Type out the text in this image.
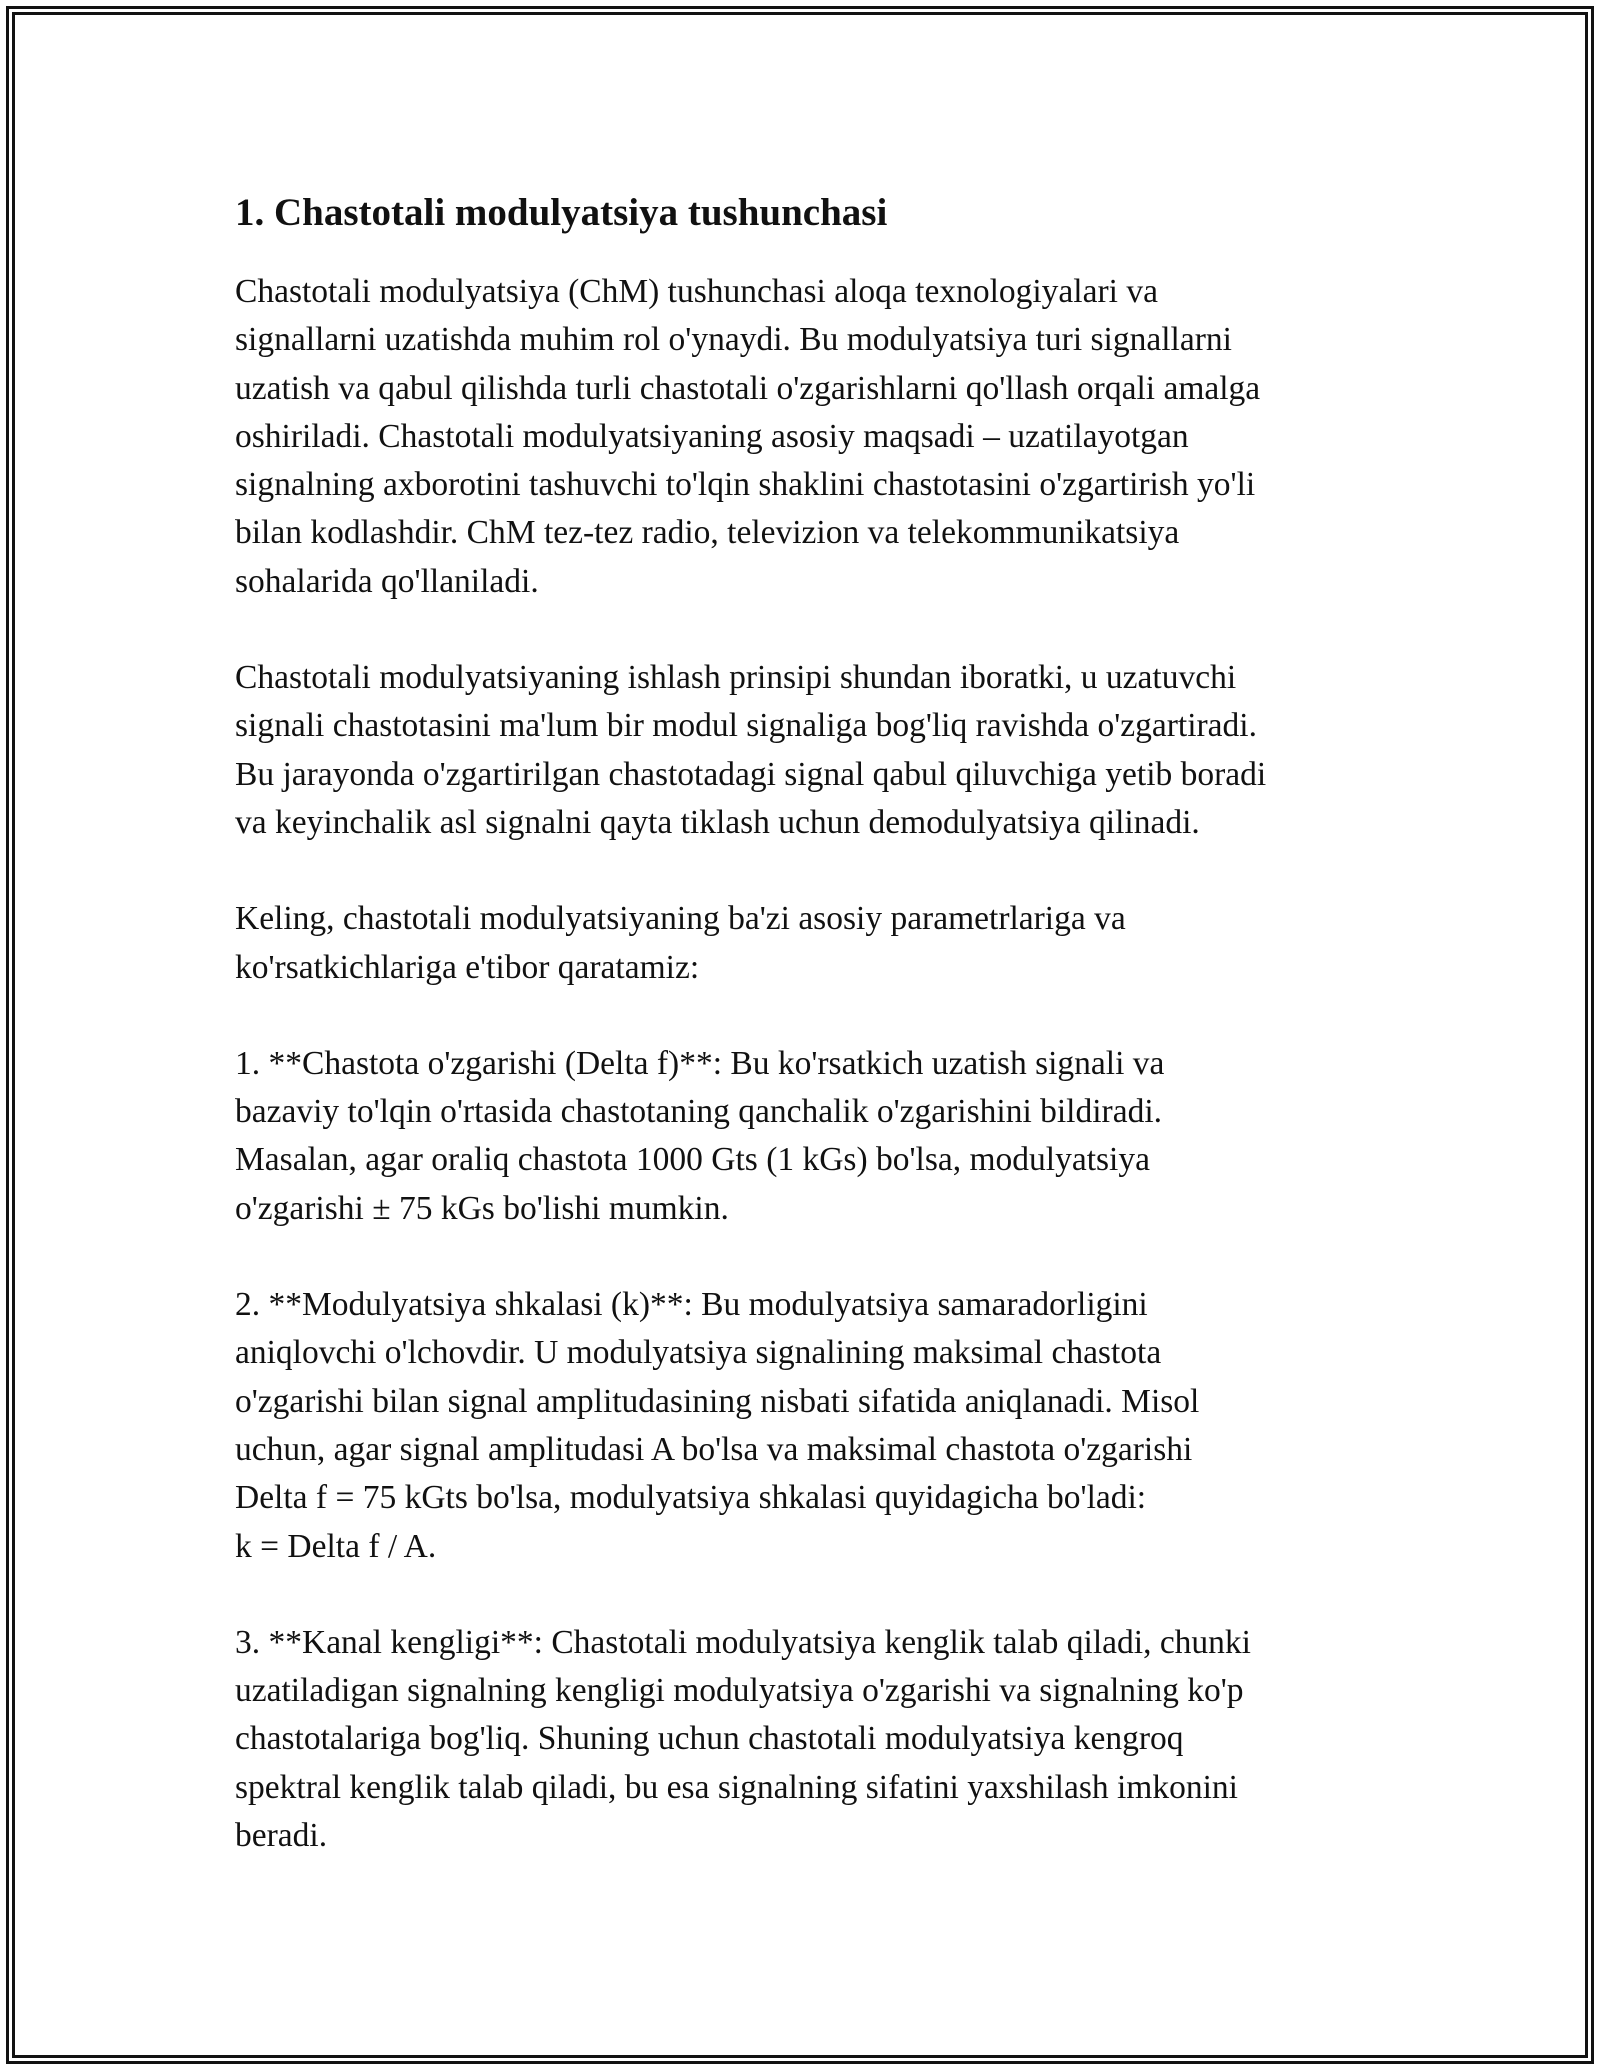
1. Chastotali modulyatsiya tushunchasi

Chastotali modulyatsiya (ChM) tushunchasi aloqa texnologiyalari va
signallarni uzatishda muhim rol o'ynaydi. Bu modulyatsiya turi signallarni
uzatish va qabul qilishda turli chastotali o'zgarishlarni qo'llash orqali amalga
oshiriladi. Chastotali modulyatsiyaning asosiy maqsadi – uzatilayotgan
signalning axborotini tashuvchi to'lqin shaklini chastotasini o'zgartirish yo'li
bilan kodlashdir. ChM tez-tez radio, televizion va telekommunikatsiya
sohalarida qo'llaniladi.

Chastotali modulyatsiyaning ishlash prinsipi shundan iboratki, u uzatuvchi
signali chastotasini ma'lum bir modul signaliga bog'liq ravishda o'zgartiradi.
Bu jarayonda o'zgartirilgan chastotadagi signal qabul qiluvchiga yetib boradi
va keyinchalik asl signalni qayta tiklash uchun demodulyatsiya qilinadi.

Keling, chastotali modulyatsiyaning ba'zi asosiy parametrlariga va
ko'rsatkichlariga e'tibor qaratamiz:

1. **Chastota o'zgarishi (Delta f)**: Bu ko'rsatkich uzatish signali va
bazaviy to'lqin o'rtasida chastotaning qanchalik o'zgarishini bildiradi.
Masalan, agar oraliq chastota 1000 Gts (1 kGs) bo'lsa, modulyatsiya
o'zgarishi ± 75 kGs bo'lishi mumkin.

2. **Modulyatsiya shkalasi (k)**: Bu modulyatsiya samaradorligini
aniqlovchi o'lchovdir. U modulyatsiya signalining maksimal chastota
o'zgarishi bilan signal amplitudasining nisbati sifatida aniqlanadi. Misol
uchun, agar signal amplitudasi A bo'lsa va maksimal chastota o'zgarishi
Delta f = 75 kGts bo'lsa, modulyatsiya shkalasi quyidagicha bo'ladi:
k = Delta f / A.

3. **Kanal kengligi**: Chastotali modulyatsiya kenglik talab qiladi, chunki
uzatiladigan signalning kengligi modulyatsiya o'zgarishi va signalning ko'p
chastotalariga bog'liq. Shuning uchun chastotali modulyatsiya kengroq
spektral kenglik talab qiladi, bu esa signalning sifatini yaxshilash imkonini
beradi.
